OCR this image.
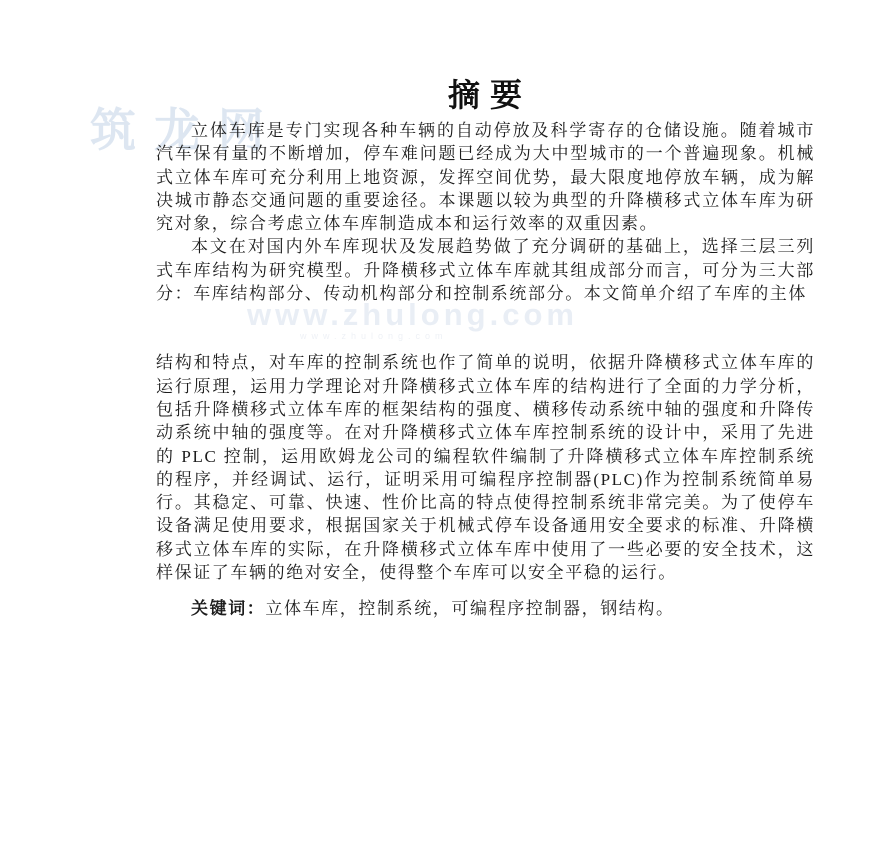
筑龙网
www.zhulong.com
www.zhulong.com
摘要

立体车库是专门实现各种车辆的自动停放及科学寄存的仓储设施。随着城市汽车保有量的不断增加，停车难问题已经成为大中型城市的一个普遍现象。机械式立体车库可充分利用上地资源，发挥空间优势，最大限度地停放车辆，成为解决城市静态交通问题的重要途径。本课题以较为典型的升降横移式立体车库为研究对象，综合考虑立体车库制造成本和运行效率的双重因素。

本文在对国内外车库现状及发展趋势做了充分调研的基础上，选择三层三列式车库结构为研究模型。升降横移式立体车库就其组成部分而言，可分为三大部分：车库结构部分、传动机构部分和控制系统部分。本文简单介绍了车库的主体

结构和特点，对车库的控制系统也作了简单的说明，依据升降横移式立体车库的运行原理，运用力学理论对升降横移式立体车库的结构进行了全面的力学分析，包括升降横移式立体车库的框架结构的强度、横移传动系统中轴的强度和升降传动系统中轴的强度等。在对升降横移式立体车库控制系统的设计中，采用了先进的 PLC 控制，运用欧姆龙公司的编程软件编制了升降横移式立体车库控制系统的程序，并经调试、运行，证明采用可编程序控制器(PLC)作为控制系统简单易行。其稳定、可靠、快速、性价比高的特点使得控制系统非常完美。为了使停车设备满足使用要求，根据国家关于机械式停车设备通用安全要求的标准、升降横移式立体车库的实际，在升降横移式立体车库中使用了一些必要的安全技术，这样保证了车辆的绝对安全，使得整个车库可以安全平稳的运行。

关键词：立体车库，控制系统，可编程序控制器，钢结构。
